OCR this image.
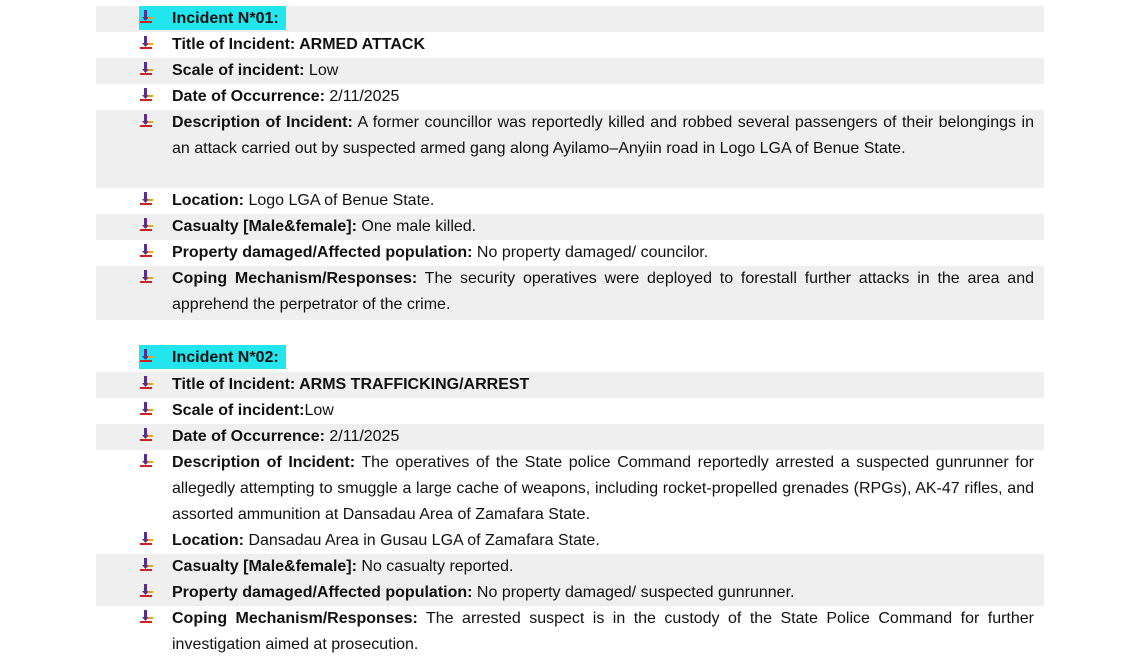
Incident N*01:
Title of Incident: ARMED ATTACK
Scale of incident: Low
Date of Occurrence: 2/11/2025
Description of Incident: A former councillor was reportedly killed and robbed several passengers of their belongings in an attack carried out by suspected armed gang along Ayilamo–Anyiin road in Logo LGA of Benue State.
Location: Logo LGA of Benue State.
Casualty [Male&female]: One male killed.
Property damaged/Affected population: No property damaged/ councilor.
Coping Mechanism/Responses: The security operatives were deployed to forestall further attacks in the area and apprehend the perpetrator of the crime.
Incident N*02:
Title of Incident: ARMS TRAFFICKING/ARREST
Scale of incident:Low
Date of Occurrence: 2/11/2025
Description of Incident: The operatives of the State police Command reportedly arrested a suspected gunrunner for allegedly attempting to smuggle a large cache of weapons, including rocket-propelled grenades (RPGs), AK-47 rifles, and assorted ammunition at Dansadau Area of Zamafara State.
Location: Dansadau Area in Gusau LGA of Zamafara State.
Casualty [Male&female]: No casualty reported.
Property damaged/Affected population: No property damaged/ suspected gunrunner.
Coping Mechanism/Responses: The arrested suspect is in the custody of the State Police Command for further investigation aimed at prosecution.
